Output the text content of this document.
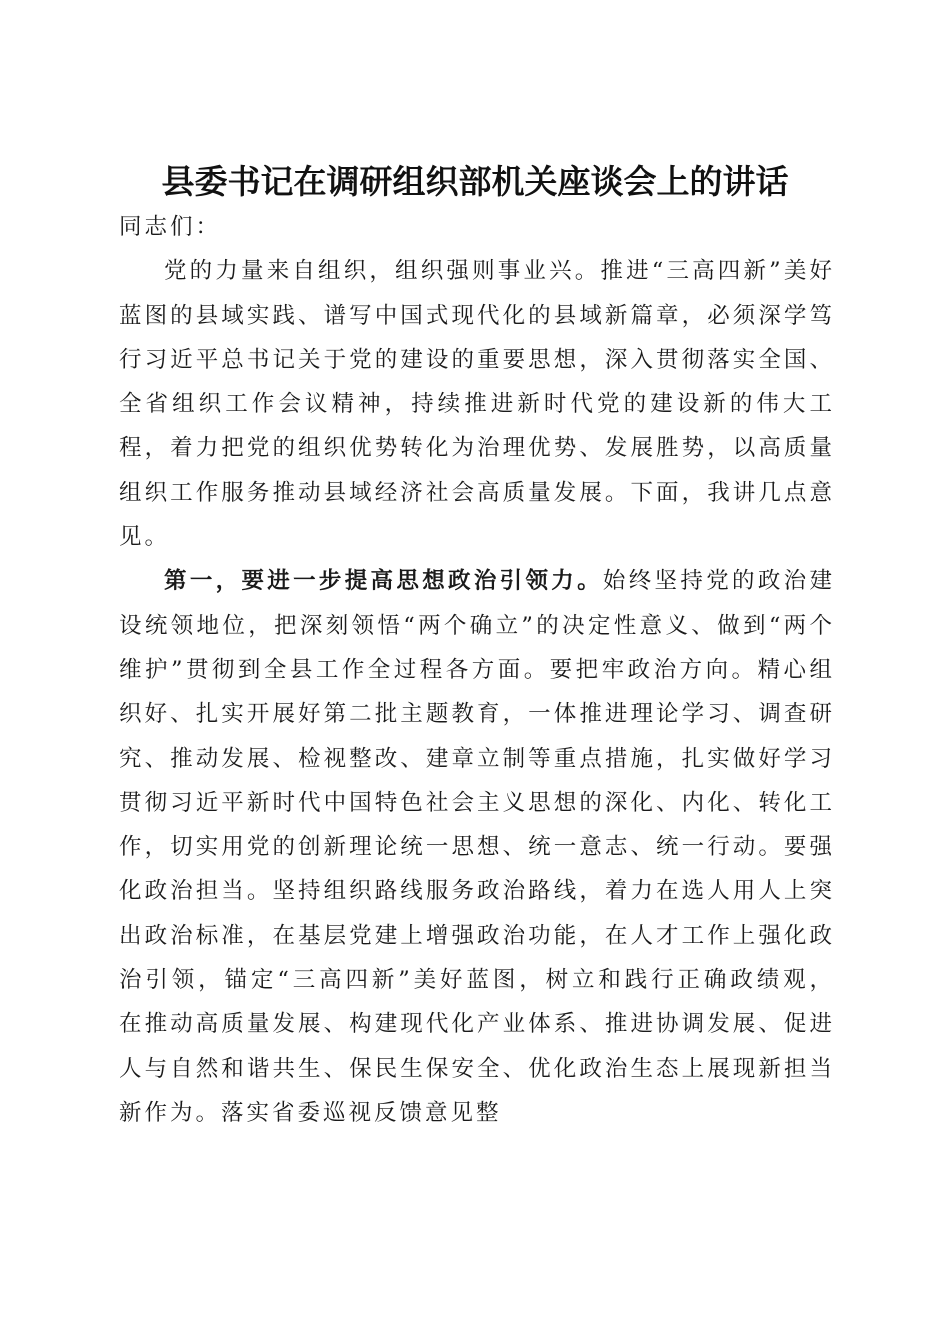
县委书记在调研组织部机关座谈会上的讲话

同志们：

党的力量来自组织，组织强则事业兴。推进“三高四新”美好蓝图的县域实践、谱写中国式现代化的县域新篇章，必须深学笃行习近平总书记关于党的建设的重要思想，深入贯彻落实全国、全省组织工作会议精神，持续推进新时代党的建设新的伟大工程，着力把党的组织优势转化为治理优势、发展胜势，以高质量组织工作服务推动县域经济社会高质量发展。下面，我讲几点意见。

第一，要进一步提高思想政治引领力。始终坚持党的政治建设统领地位，把深刻领悟“两个确立”的决定性意义、做到“两个维护”贯彻到全县工作全过程各方面。要把牢政治方向。精心组织好、扎实开展好第二批主题教育，一体推进理论学习、调查研究、推动发展、检视整改、建章立制等重点措施，扎实做好学习贯彻习近平新时代中国特色社会主义思想的深化、内化、转化工作，切实用党的创新理论统一思想、统一意志、统一行动。要强化政治担当。坚持组织路线服务政治路线，着力在选人用人上突出政治标准，在基层党建上增强政治功能，在人才工作上强化政治引领，锚定“三高四新”美好蓝图，树立和践行正确政绩观，在推动高质量发展、构建现代化产业体系、推进协调发展、促进人与自然和谐共生、保民生保安全、优化政治生态上展现新担当新作为。落实省委巡视反馈意见整
